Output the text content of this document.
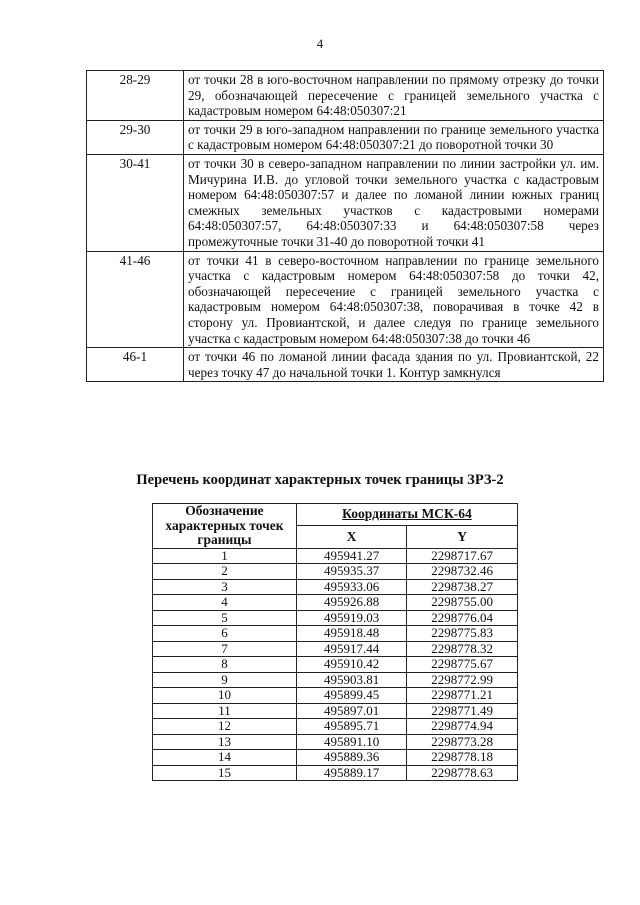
4
28-29	от точки 28 в юго-восточном направлении по прямому отрезку до точки 29, обозначающей пересечение с границей земельного участка с кадастровым номером 64:48:050307:21
29-30	от точки 29 в юго-западном направлении по границе земельного участка с кадастровым номером 64:48:050307:21 до поворотной точки 30
30-41	от точки 30 в северо-западном направлении по линии застройки ул. им. Мичурина И.В. до угловой точки земельного участка с кадастровым номером 64:48:050307:57 и далее по ломаной линии южных границ смежных земельных участков с кадастровыми номерами 64:48:050307:57, 64:48:050307:33 и 64:48:050307:58 через промежуточные точки 31-40 до поворотной точки 41
41-46	от точки 41 в северо-восточном направлении по границе земельного участка с кадастровым номером 64:48:050307:58 до точки 42, обозначающей пересечение с границей земельного участка с кадастровым номером 64:48:050307:38, поворачивая в точке 42 в сторону ул. Провиантской, и далее следуя по границе земельного участка с кадастровым номером 64:48:050307:38 до точки 46
46-1	от точки 46 по ломаной линии фасада здания по ул. Провиантской, 22 через точку 47 до начальной точки 1. Контур замкнулся
Перечень координат характерных точек границы ЗРЗ-2
Обозначение характерных точек границы	Координаты МСК-64	
	X	Y
1	495941.27	2298717.67
2	495935.37	2298732.46
3	495933.06	2298738.27
4	495926.88	2298755.00
5	495919.03	2298776.04
6	495918.48	2298775.83
7	495917.44	2298778.32
8	495910.42	2298775.67
9	495903.81	2298772.99
10	495899.45	2298771.21
11	495897.01	2298771.49
12	495895.71	2298774.94
13	495891.10	2298773.28
14	495889.36	2298778.18
15	495889.17	2298778.63
